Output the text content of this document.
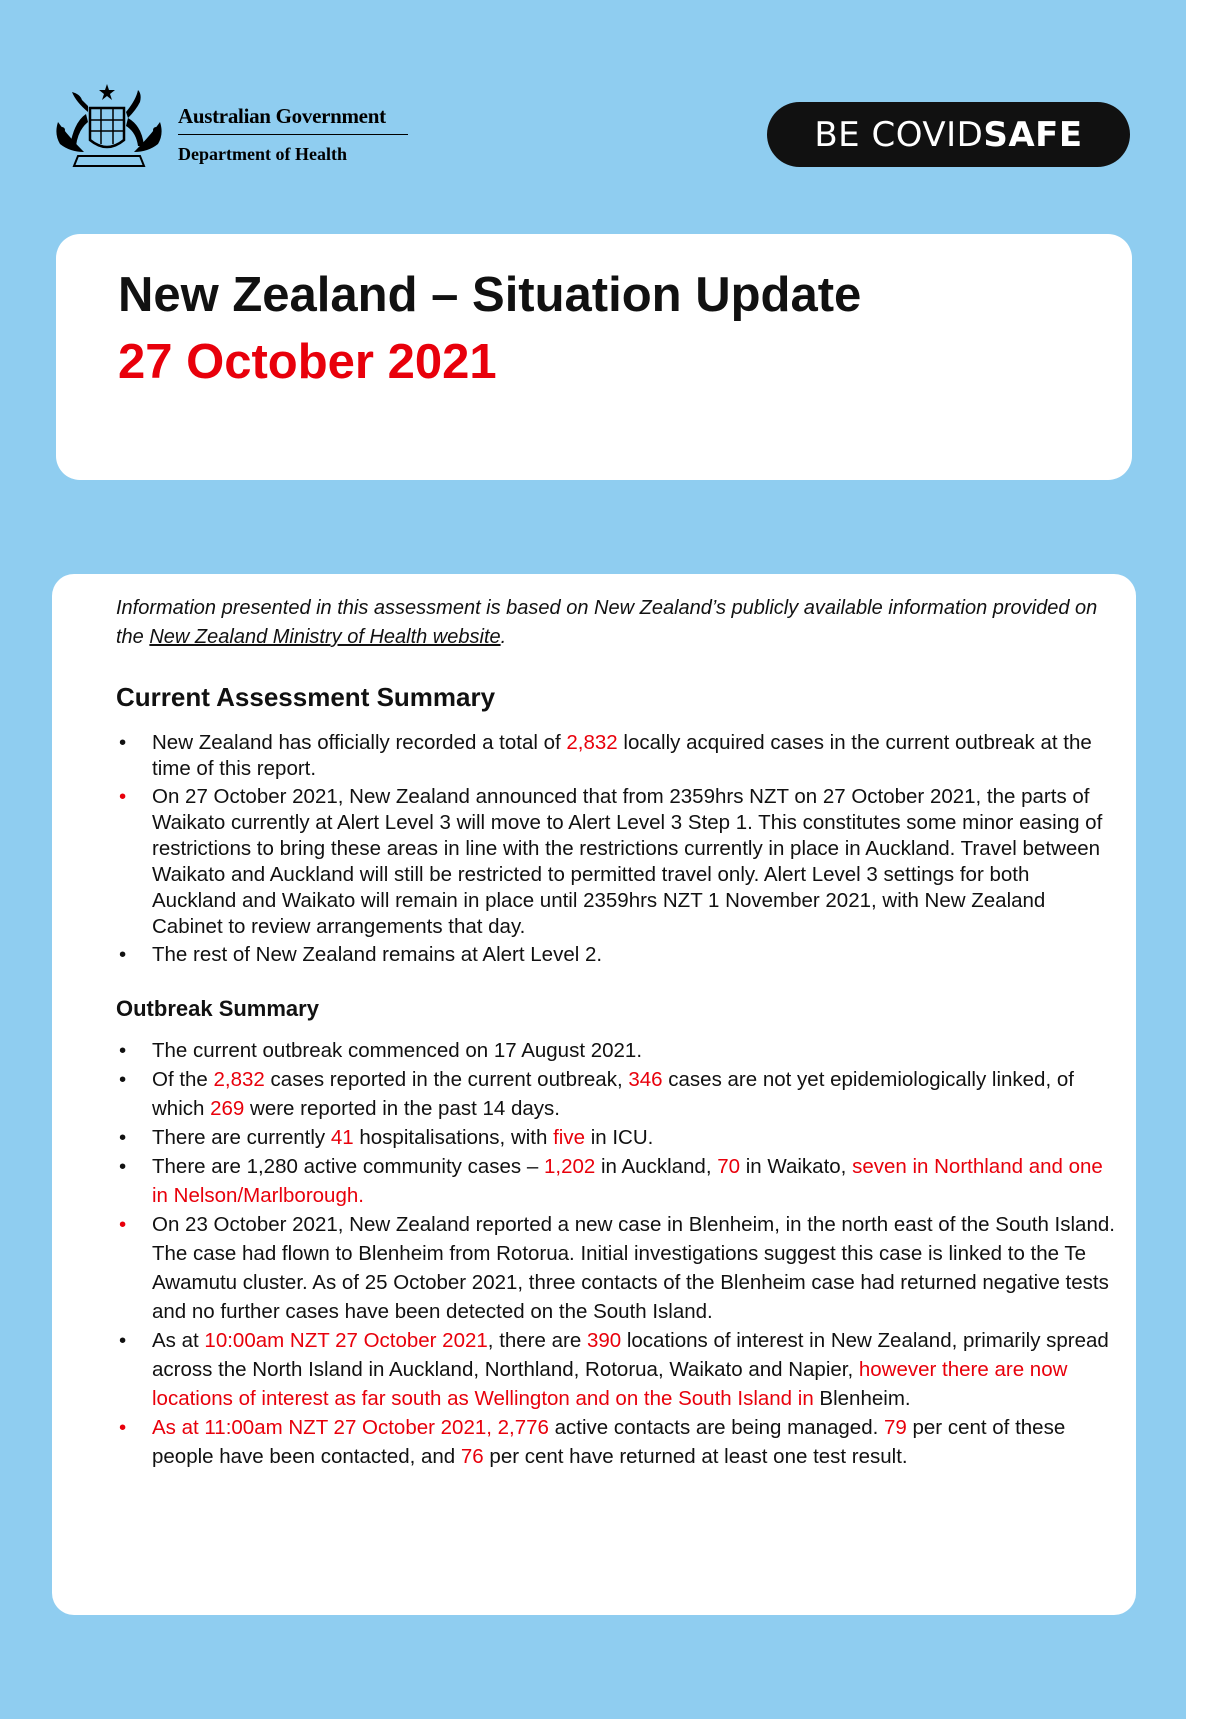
Australian Government
Department of Health	BE COVID SAFE
New Zealand – Situation Update
27 October 2021

Information presented in this assessment is based on New Zealand’s publicly available information provided on the New Zealand Ministry of Health website.

Current Assessment Summary
• New Zealand has officially recorded a total of 2,832 locally acquired cases in the current outbreak at the time of this report.
• On 27 October 2021, New Zealand announced that from 2359hrs NZT on 27 October 2021, the parts of Waikato currently at Alert Level 3 will move to Alert Level 3 Step 1. This constitutes some minor easing of restrictions to bring these areas in line with the restrictions currently in place in Auckland. Travel between Waikato and Auckland will still be restricted to permitted travel only. Alert Level 3 settings for both Auckland and Waikato will remain in place until 2359hrs NZT 1 November 2021, with New Zealand Cabinet to review arrangements that day.
• The rest of New Zealand remains at Alert Level 2.
Outbreak Summary
• The current outbreak commenced on 17 August 2021.
• Of the 2,832 cases reported in the current outbreak, 346 cases are not yet epidemiologically linked, of which 269 were reported in the past 14 days.
• There are currently 41 hospitalisations, with five in ICU.
• There are 1,280 active community cases – 1,202 in Auckland, 70 in Waikato, seven in Northland and one in Nelson/Marlborough.
• On 23 October 2021, New Zealand reported a new case in Blenheim, in the north east of the South Island. The case had flown to Blenheim from Rotorua. Initial investigations suggest this case is linked to the Te Awamutu cluster. As of 25 October 2021, three contacts of the Blenheim case had returned negative tests and no further cases have been detected on the South Island.
• As at 10:00am NZT 27 October 2021, there are 390 locations of interest in New Zealand, primarily spread across the North Island in Auckland, Northland, Rotorua, Waikato and Napier, however there are now locations of interest as far south as Wellington and on the South Island in Blenheim.
• As at 11:00am NZT 27 October 2021, 2,776 active contacts are being managed. 79 per cent of these people have been contacted, and 76 per cent have returned at least one test result.
